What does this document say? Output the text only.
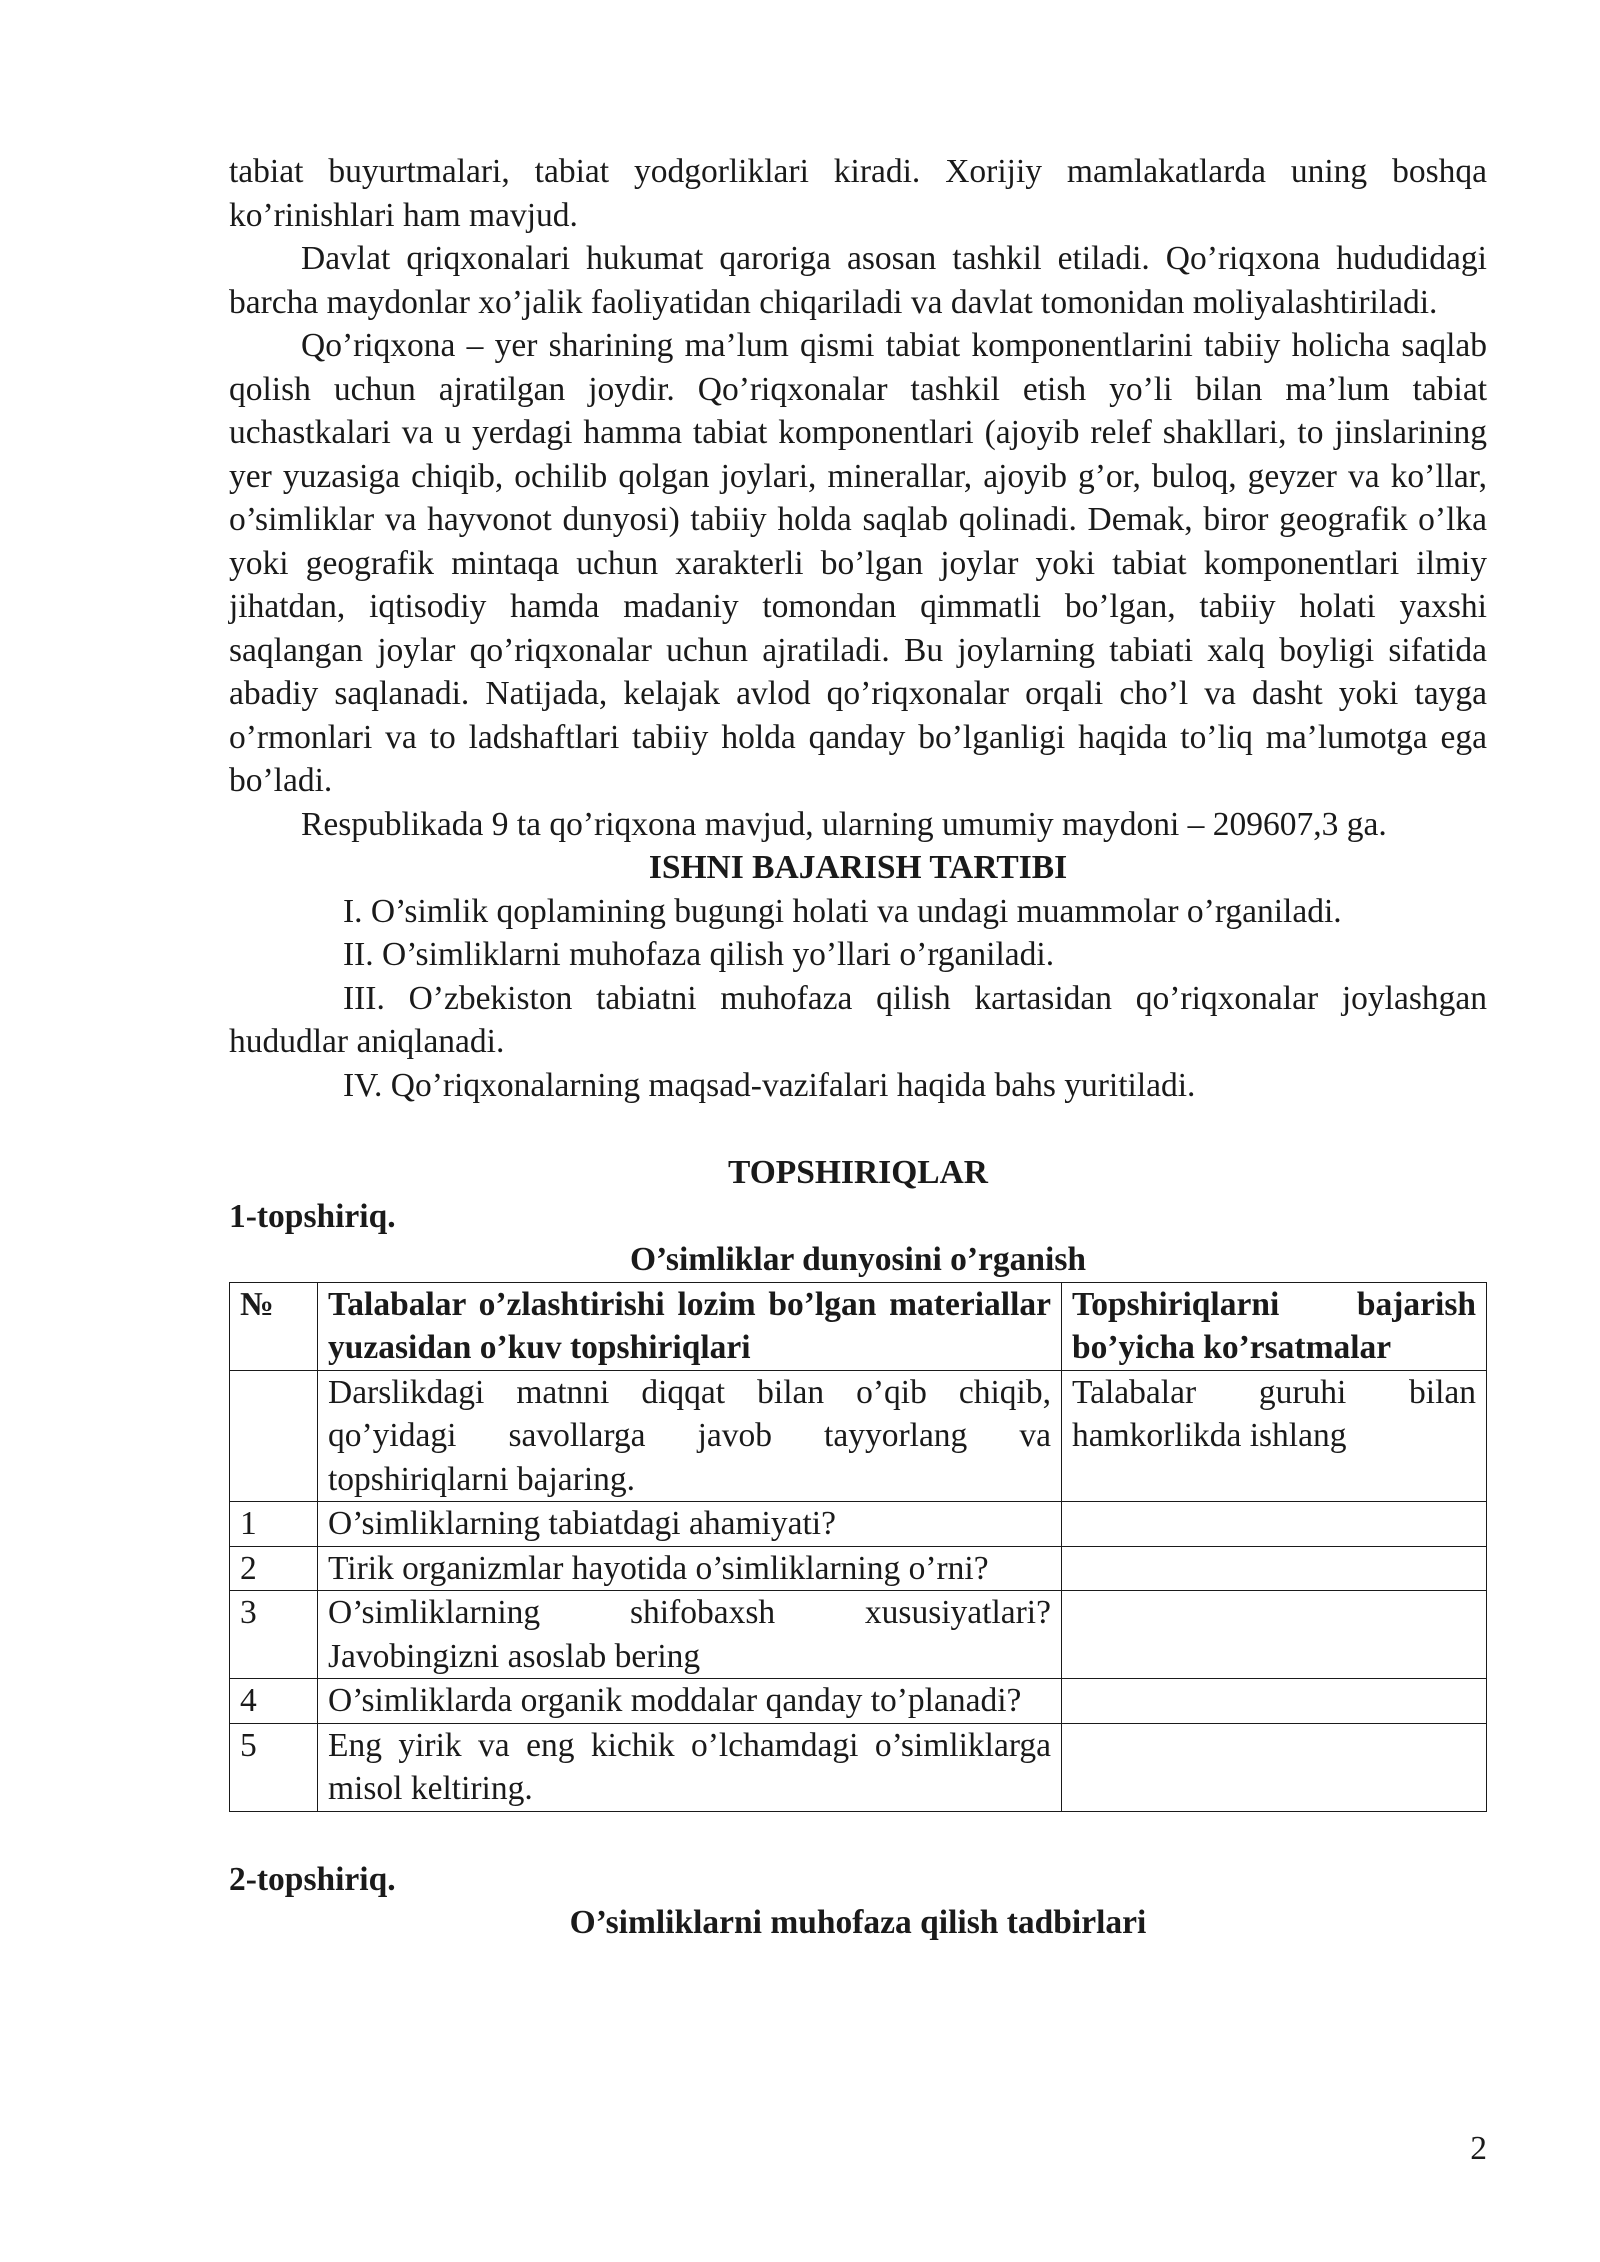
tabiat buyurtmalari, tabiat yodgorliklari kiradi. Xorijiy mamlakatlarda uning boshqa ko’rinishlari ham mavjud.

Davlat qriqxonalari hukumat qaroriga asosan tashkil etiladi. Qo’riqxona hududidagi barcha maydonlar xo’jalik faoliyatidan chiqariladi va davlat tomonidan moliyalashtiriladi.

Qo’riqxona – yer sharining ma’lum qismi tabiat komponentlarini tabiiy holicha saqlab qolish uchun ajratilgan joydir. Qo’riqxonalar tashkil etish yo’li bilan ma’lum tabiat uchastkalari va u yerdagi hamma tabiat komponentlari (ajoyib relef shakllari, to jinslarining yer yuzasiga chiqib, ochilib qolgan joylari, minerallar, ajoyib g’or, buloq, geyzer va ko’llar, o’simliklar va hayvonot dunyosi) tabiiy holda saqlab qolinadi. Demak, biror geografik o’lka yoki geografik mintaqa uchun xarakterli bo’lgan joylar yoki tabiat komponentlari ilmiy jihatdan, iqtisodiy hamda madaniy tomondan qimmatli bo’lgan, tabiiy holati yaxshi saqlangan joylar qo’riqxonalar uchun ajratiladi. Bu joylarning tabiati xalq boyligi sifatida abadiy saqlanadi. Natijada, kelajak avlod qo’riqxonalar orqali cho’l va dasht yoki tayga o’rmonlari va to ladshaftlari tabiiy holda qanday bo’lganligi haqida to’liq ma’lumotga ega bo’ladi.

Respublikada 9 ta qo’riqxona mavjud, ularning umumiy maydoni – 209607,3 ga.

ISHNI BAJARISH TARTIBI

I. O’simlik qoplamining bugungi holati va undagi muammolar o’rganiladi.

II. O’simliklarni muhofaza qilish yo’llari o’rganiladi.

III. O’zbekiston tabiatni muhofaza qilish kartasidan qo’riqxonalar joylashgan hududlar aniqlanadi.

IV. Qo’riqxonalarning maqsad-vazifalari haqida bahs yuritiladi.

TOPSHIRIQLAR

1-topshiriq.

O’simliklar dunyosini o’rganish

№	Talabalar o’zlashtirishi lozim bo’lgan materiallar yuzasidan o’kuv topshiriqlari	Topshiriqlarni bajarish bo’yicha ko’rsatmalar
	Darslikdagi matnni diqqat bilan o’qib chiqib, qo’yidagi savollarga javob tayyorlang va topshiriqlarni bajaring.	Talabalar guruhi bilan hamkorlikda ishlang
1	O’simliklarning tabiatdagi ahamiyati?	
2	Tirik organizmlar hayotida o’simliklarning o’rni?	
3	O’simliklarning shifobaxsh xususiyatlari? Javobingizni asoslab bering	
4	O’simliklarda organik moddalar qanday to’planadi?	
5	Eng yirik va eng kichik o’lchamdagi o’simliklarga misol keltiring.	

2-topshiriq.

O’simliklarni muhofaza qilish tadbirlari

2
